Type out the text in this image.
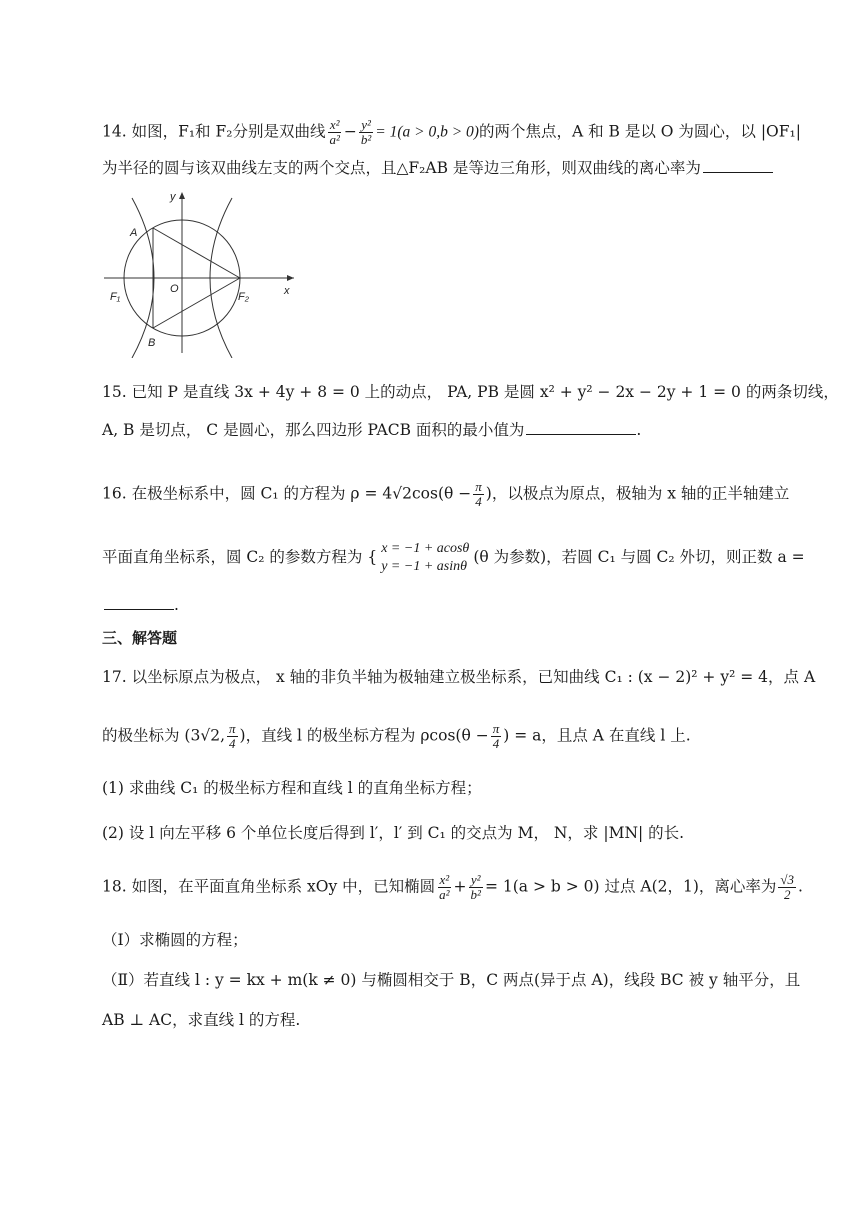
14. 如图，F₁和 F₂分别是双曲线 $\frac{\text{x²}}{\text{a²}} - \frac{\text{y²}}{\text{b²}} = 1(a > 0,b > 0)$的两个焦点，A 和 B 是以 O 为圆心，以 |OF₁|
为半径的圆与该双曲线左支的两个交点，且△F₂AB 是等边三角形，则双曲线的离心率为
A
B
O
F₁	F₂	x
y
15. 已知 P 是直线 3x + 4y + 8 = 0 上的动点， PA, PB 是圆 x² + y² − 2x − 2y + 1 = 0 的两条切线，
A, B 是切点， C 是圆心，那么四边形 PACB 面积的最小值为	.
16. 在极坐标系中，圆 C₁ 的方程为 $\rho = 4√2\cos(\theta - \frac{\pi}{4}$ )，以极点为原点，极轴为 x 轴的正半轴建立
平面直角坐标系，圆 C₂ 的参数方程为 { x = −1 + acosθ
y = −1 + asinθ
(θ 为参数)，若圆 C₁ 与圆 C₂ 外切，则正数 a =
.
三、解答题
17. 以坐标原点为极点， x 轴的非负半轴为极轴建立极坐标系，已知曲线 C₁ : (x − 2)² + y² = 4，点 A
的极坐标为 (3√2, $\frac{\pi}{4}$ )，直线 l 的极坐标方程为 $\rho\cos(\theta - \frac{\pi}{4}$ ) = a，且点 A 在直线 l 上.
(1) 求曲线 C₁ 的极坐标方程和直线 l 的直角坐标方程；
(2) 设 l 向左平移 6 个单位长度后得到 l′，l′ 到 C₁ 的交点为 M， N，求 |MN| 的长.
18. 如图，在平面直角坐标系 xOy 中，已知椭圆 $\frac{\text{x²}}{\text{a²}} + \frac{\text{y²}}{\text{b²}} = 1(a > b > 0)$ 过点 A(2，1)，离心率为 $\frac{√3}{2}$ .
（Ⅰ）求椭圆的方程；
（Ⅱ）若直线 l : y = kx + m(k ≠ 0) 与椭圆相交于 B，C 两点(异于点 A)，线段 BC 被 y 轴平分，且
AB ⊥ AC，求直线 l 的方程.
